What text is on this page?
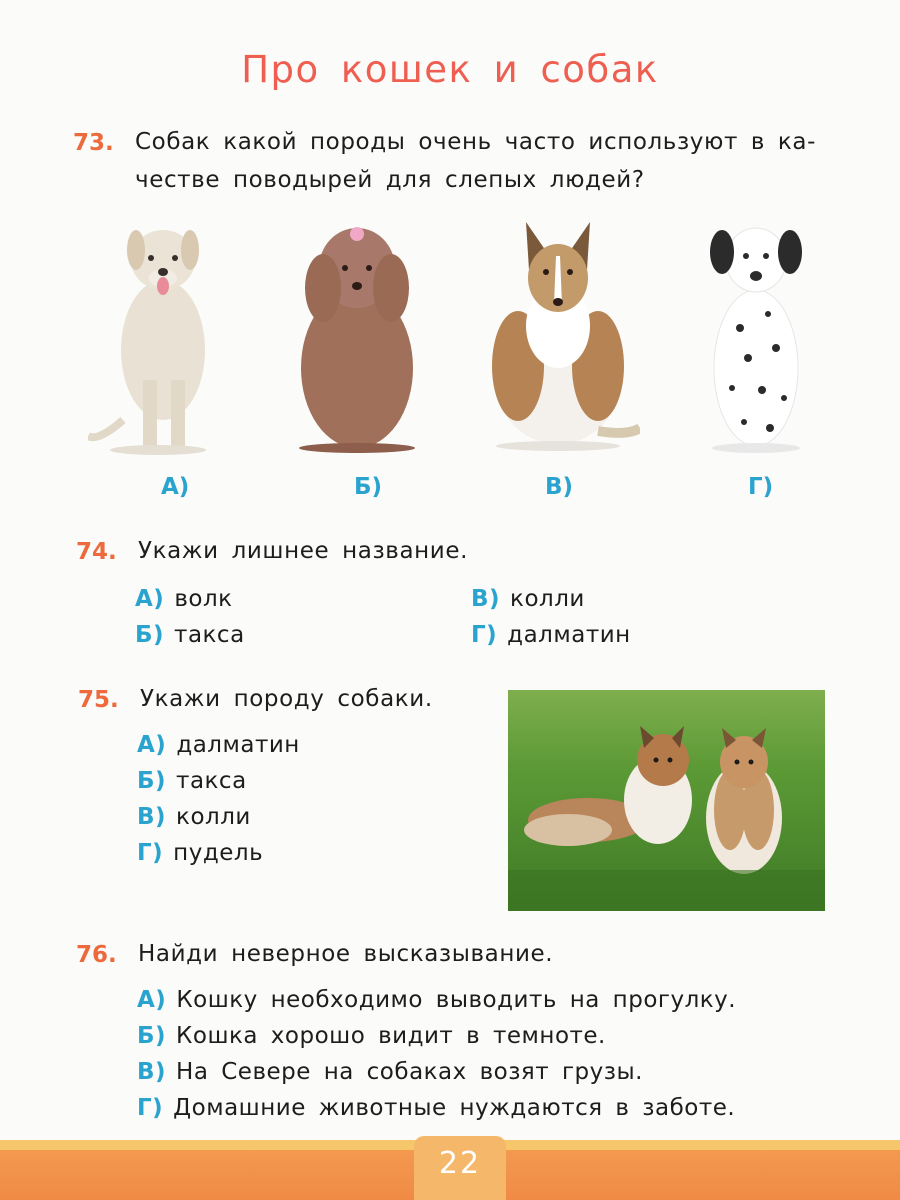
Про кошек и собак
73. Собак какой породы очень часто используют в ка-
честве поводырей для слепых людей?
А)	Б)	В)	Г)
74. Укажи лишнее название.
А) волк
Б) такса
В) колли
Г) далматин
75. Укажи породу собаки.
А) далматин
Б) такса
В) колли
Г) пудель
76. Найди неверное высказывание.
А) Кошку необходимо выводить на прогулку.
Б) Кошка хорошо видит в темноте.
В) На Севере на собаках возят грузы.
Г) Домашние животные нуждаются в заботе.
22
